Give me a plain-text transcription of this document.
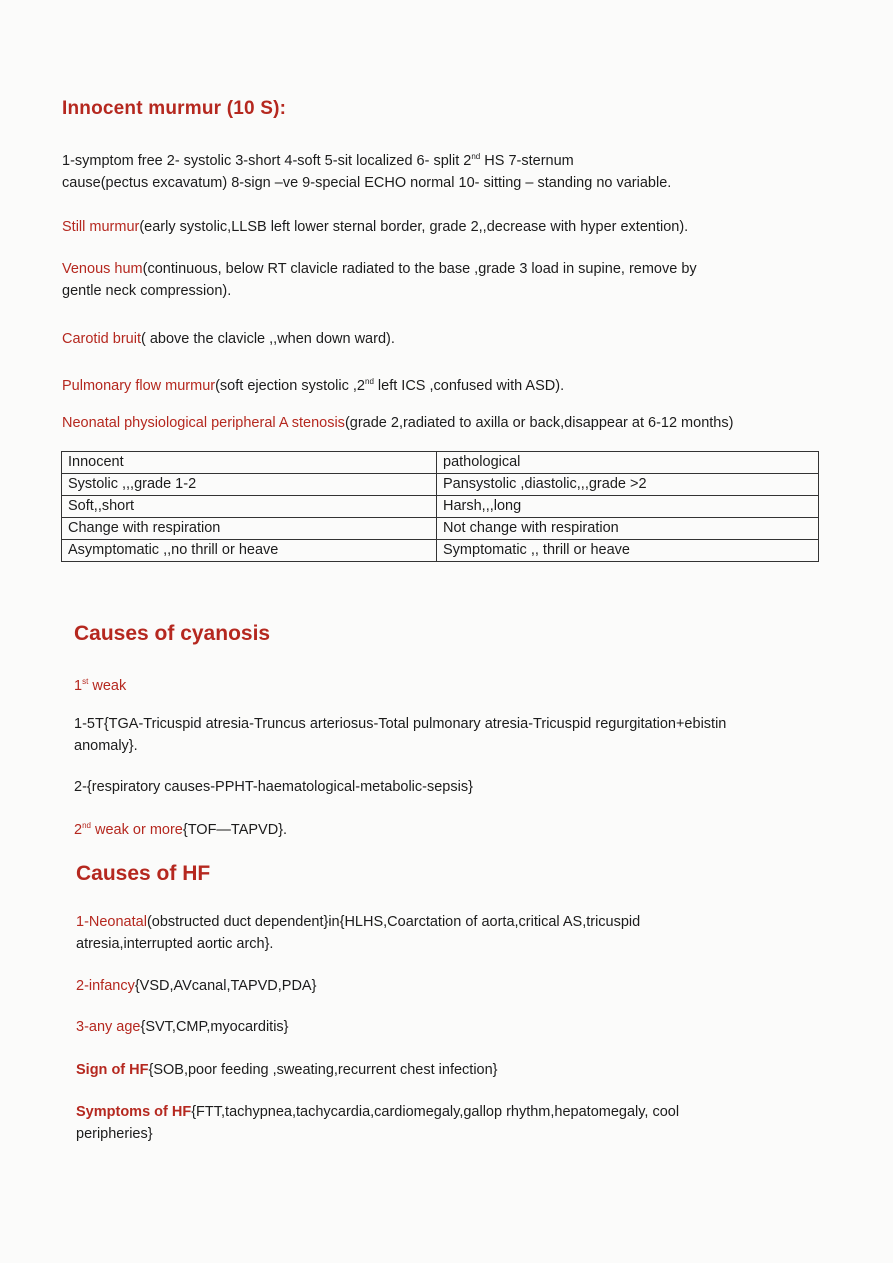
Innocent murmur (10 S):
1-symptom free 2- systolic 3-short 4-soft 5-sit localized 6- split 2nd HS 7-sternum
cause(pectus excavatum) 8-sign –ve 9-special ECHO normal 10- sitting – standing no variable.
Still murmur(early systolic,LLSB left lower sternal border, grade 2,,decrease with hyper extention).
Venous hum(continuous, below RT clavicle radiated to the base ,grade 3 load in supine, remove by
gentle neck compression).
Carotid bruit( above the clavicle ,,when down ward).
Pulmonary flow murmur(soft ejection systolic ,2nd left ICS ,confused with ASD).
Neonatal physiological peripheral A stenosis(grade 2,radiated to axilla or back,disappear at 6-12 months)
Innocent	pathological
Systolic ,,,grade 1-2	Pansystolic ,diastolic,,,grade >2
Soft,,short	Harsh,,,long
Change with respiration	Not change with respiration
Asymptomatic ,,no thrill or heave	Symptomatic ,, thrill or heave
Causes of cyanosis
1st weak
1-5T{TGA-Tricuspid atresia-Truncus arteriosus-Total pulmonary atresia-Tricuspid regurgitation+ebistin
anomaly}.
2-{respiratory causes-PPHT-haematological-metabolic-sepsis}
2nd weak or more{TOF—TAPVD}.
Causes of HF
1-Neonatal(obstructed duct dependent}in{HLHS,Coarctation of aorta,critical AS,tricuspid
atresia,interrupted aortic arch}.
2-infancy{VSD,AVcanal,TAPVD,PDA}
3-any age{SVT,CMP,myocarditis}
Sign of HF{SOB,poor feeding ,sweating,recurrent chest infection}
Symptoms of HF{FTT,tachypnea,tachycardia,cardiomegaly,gallop rhythm,hepatomegaly, cool
peripheries}
